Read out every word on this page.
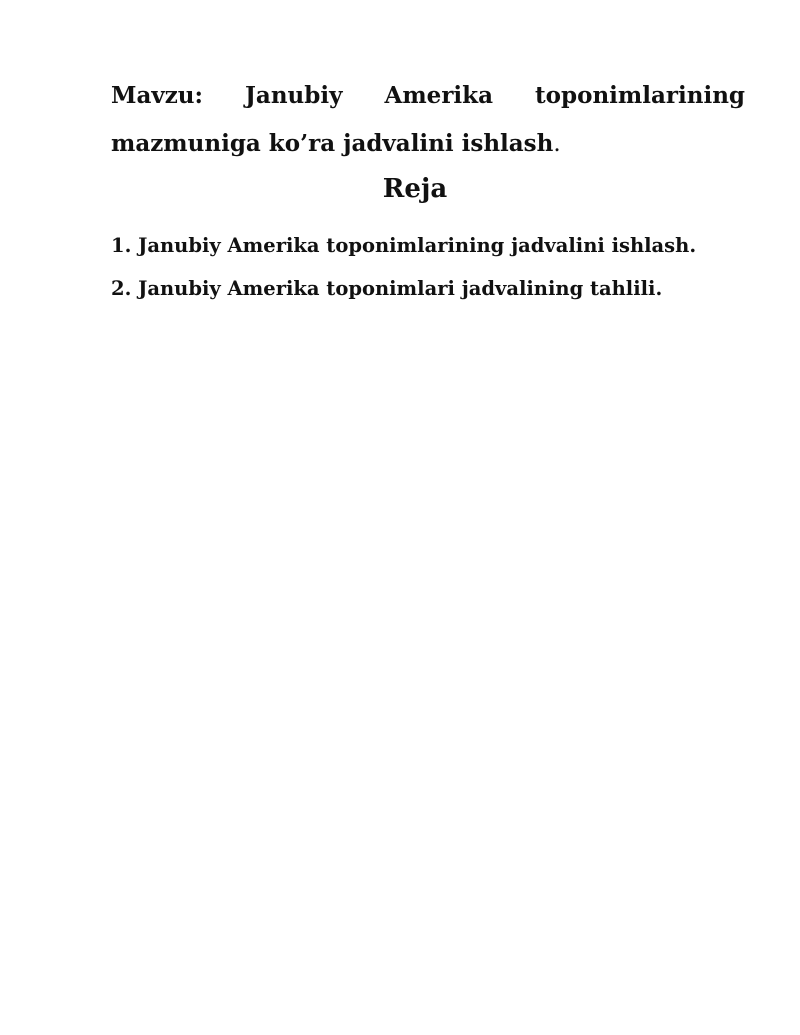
Mavzu: Janubiy Amerika toponimlarining
mazmuniga ko’ra jadvalini ishlash.

Reja
1. Janubiy Amerika toponimlarining jadvalini ishlash.
2. Janubiy Amerika toponimlari jadvalining tahlili.
